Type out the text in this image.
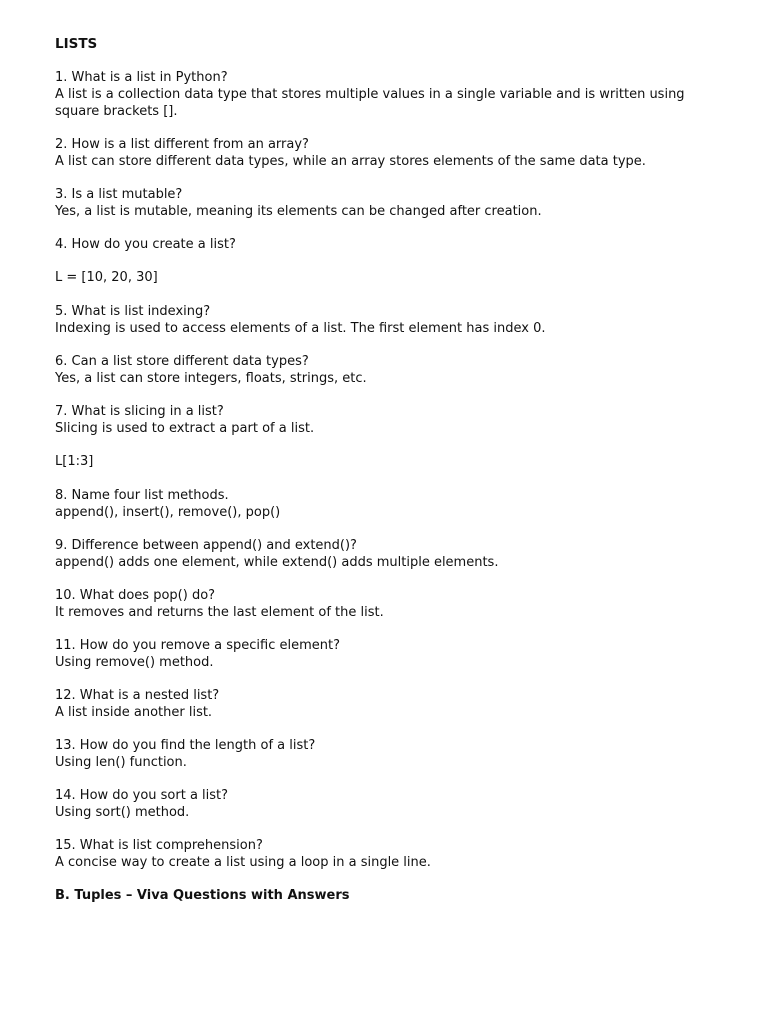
LISTS

1. What is a list in Python?

A list is a collection data type that stores multiple values in a single variable and is written using square brackets [].

2. How is a list different from an array?

A list can store different data types, while an array stores elements of the same data type.

3. Is a list mutable?

Yes, a list is mutable, meaning its elements can be changed after creation.

4. How do you create a list?

L = [10, 20, 30]

5. What is list indexing?

Indexing is used to access elements of a list. The first element has index 0.

6. Can a list store different data types?

Yes, a list can store integers, floats, strings, etc.

7. What is slicing in a list?

Slicing is used to extract a part of a list.

L[1:3]

8. Name four list methods.

append(), insert(), remove(), pop()

9. Difference between append() and extend()?

append() adds one element, while extend() adds multiple elements.

10. What does pop() do?

It removes and returns the last element of the list.

11. How do you remove a specific element?

Using remove() method.

12. What is a nested list?

A list inside another list.

13. How do you find the length of a list?

Using len() function.

14. How do you sort a list?

Using sort() method.

15. What is list comprehension?

A concise way to create a list using a loop in a single line.

B. Tuples – Viva Questions with Answers
